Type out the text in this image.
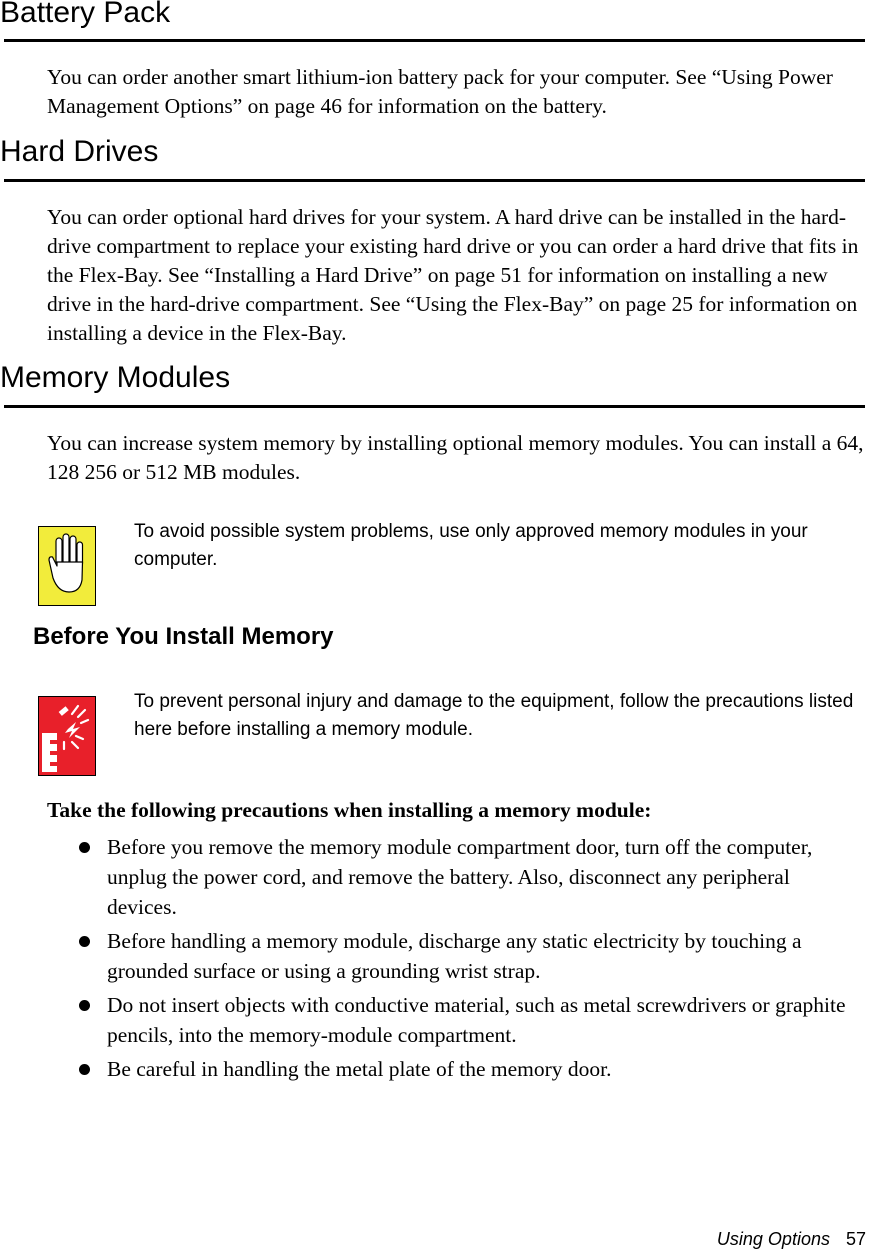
Battery Pack

You can order another smart lithium-ion battery pack for your computer. See “Using Power Management Options” on page 46 for information on the battery.

Hard Drives

You can order optional hard drives for your system. A hard drive can be installed in the hard-drive compartment to replace your existing hard drive or you can order a hard drive that fits in the Flex-Bay. See “Installing a Hard Drive” on page 51 for information on installing a new drive in the hard-drive compartment. See “Using the Flex-Bay” on page 25 for information on installing a device in the Flex-Bay.

Memory Modules

You can increase system memory by installing optional memory modules. You can install a 64, 128 256 or 512 MB modules.

To avoid possible system problems, use only approved memory modules in your computer.

Before You Install Memory

To prevent personal injury and damage to the equipment, follow the precautions listed here before installing a memory module.

Take the following precautions when installing a memory module:

Before you remove the memory module compartment door, turn off the computer, unplug the power cord, and remove the battery. Also, disconnect any peripheral devices.
Before handling a memory module, discharge any static electricity by touching a grounded surface or using a grounding wrist strap.
Do not insert objects with conductive material, such as metal screwdrivers or graphite pencils, into the memory-module compartment.
Be careful in handling the metal plate of the memory door.

Using Options 57
